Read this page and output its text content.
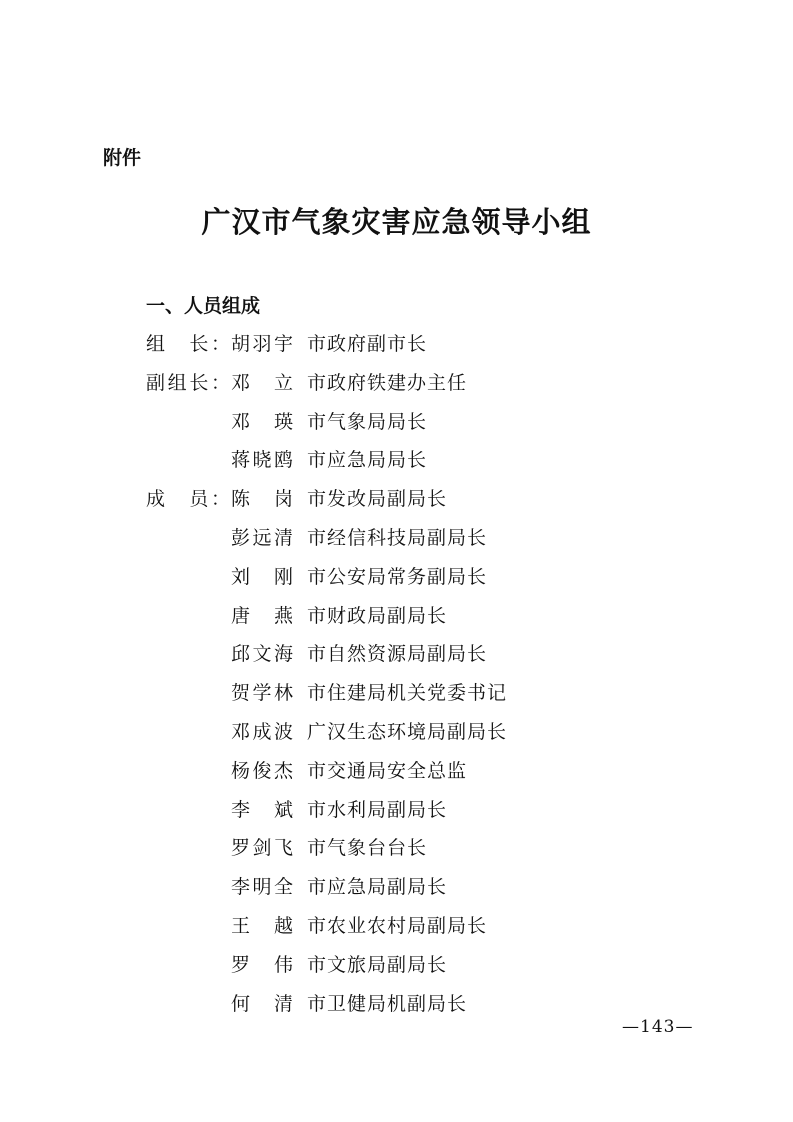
附件
广汉市气象灾害应急领导小组
一、人员组成
组　长： 胡羽宇 市政府副市长
副组长： 邓　立 市政府铁建办主任
邓　瑛 市气象局局长
蒋晓鸥 市应急局局长
成　员： 陈　岗 市发改局副局长
彭远清 市经信科技局副局长
刘　刚 市公安局常务副局长
唐　燕 市财政局副局长
邱文海 市自然资源局副局长
贺学林 市住建局机关党委书记
邓成波 广汉生态环境局副局长
杨俊杰 市交通局安全总监
李　斌 市水利局副局长
罗剑飞 市气象台台长
李明全 市应急局副局长
王　越 市农业农村局副局长
罗　伟 市文旅局副局长
何　清 市卫健局机副局长
—143—
